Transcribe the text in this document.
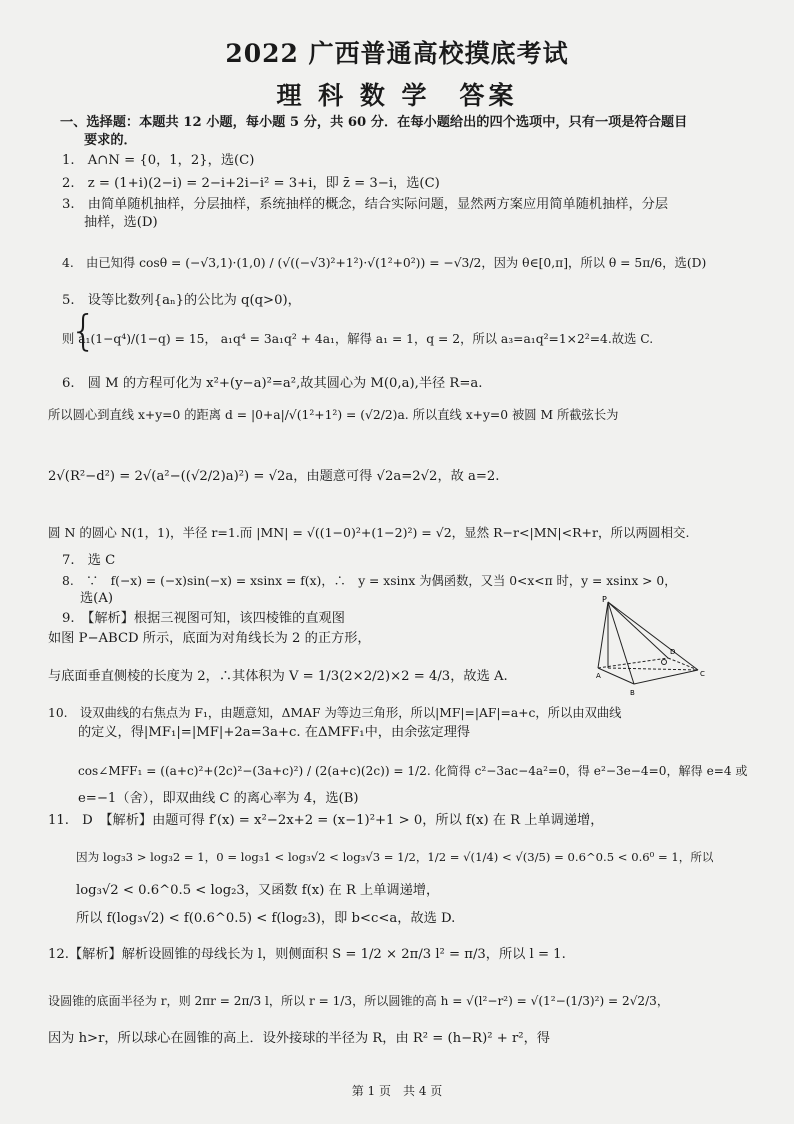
2022 广西普通高校摸底考试
理 科 数 学　答案
一、选择题：本题共 12 小题，每小题 5 分，共 60 分．在每小题给出的四个选项中，只有一项是符合题目
要求的．
1.　A∩N = {0，1，2}，选(C)
2.　z = (1+i)(2−i) = 2−i+2i−i² = 3+i，即 z̄ = 3−i，选(C)
3.　由简单随机抽样，分层抽样，系统抽样的概念，结合实际问题，显然两方案应用简单随机抽样，分层
抽样，选(D)
4.　由已知得 cosθ = (−√3,1)·(1,0) / (√((−√3)²+1²)·√(1²+0²)) = −√3/2，因为 θ∈[0,π]，所以 θ = 5π/6，选(D)
5.　设等比数列{aₙ}的公比为 q(q>0)，
{
则 a₁(1−q⁴)/(1−q) = 15， a₁q⁴ = 3a₁q² + 4a₁，解得 a₁ = 1，q = 2，所以 a₃=a₁q²=1×2²=4.故选 C.
6.　圆 M 的方程可化为 x²+(y−a)²=a²,故其圆心为 M(0,a),半径 R=a.
所以圆心到直线 x+y=0 的距离 d = |0+a|/√(1²+1²) = (√2/2)a. 所以直线 x+y=0 被圆 M 所截弦长为
2√(R²−d²) = 2√(a²−((√2/2)a)²) = √2a，由题意可得 √2a=2√2，故 a=2.
圆 N 的圆心 N(1，1)，半径 r=1.而 |MN| = √((1−0)²+(1−2)²) = √2，显然 R−r<|MN|<R+r，所以两圆相交.
7.　选 C
8.　∵　f(−x) = (−x)sin(−x) = xsinx = f(x)，∴　y = xsinx 为偶函数，又当 0<x<π 时，y = xsinx > 0，
选(A)
9.　【解析】根据三视图可知，该四棱锥的直观图
如图 P−ABCD 所示，底面为对角线长为 2 的正方形，
与底面垂直侧棱的长度为 2，∴其体积为 V = 1/3(2×2/2)×2 = 4/3，故选 A.
P
A
B
C
D
10.　设双曲线的右焦点为 F₁，由题意知，ΔMAF 为等边三角形，所以|MF|=|AF|=a+c，所以由双曲线
的定义，得|MF₁|=|MF|+2a=3a+c. 在ΔMFF₁中，由余弦定理得
cos∠MFF₁ = ((a+c)²+(2c)²−(3a+c)²) / (2(a+c)(2c)) = 1/2. 化简得 c²−3ac−4a²=0，得 e²−3e−4=0，解得 e=4 或
e=−1（舍），即双曲线 C 的离心率为 4，选(B)
11.　D　【解析】由题可得 f′(x) = x²−2x+2 = (x−1)²+1 > 0，所以 f(x) 在 R 上单调递增，
因为 log₃3 > log₃2 = 1，0 = log₃1 < log₃√2 < log₃√3 = 1/2，1/2 = √(1/4) < √(3/5) = 0.6^0.5 < 0.6⁰ = 1，所以
log₃√2 < 0.6^0.5 < log₂3，又函数 f(x) 在 R 上单调递增，
所以 f(log₃√2) < f(0.6^0.5) < f(log₂3)，即 b<c<a，故选 D.
12.【解析】解析设圆锥的母线长为 l，则侧面积 S = 1/2 × 2π/3 l² = π/3，所以 l = 1.
设圆锥的底面半径为 r，则 2πr = 2π/3 l，所以 r = 1/3，所以圆锥的高 h = √(l²−r²) = √(1²−(1/3)²) = 2√2/3，
因为 h>r，所以球心在圆锥的高上．设外接球的半径为 R，由 R² = (h−R)² + r²，得
第 1 页　共 4 页
